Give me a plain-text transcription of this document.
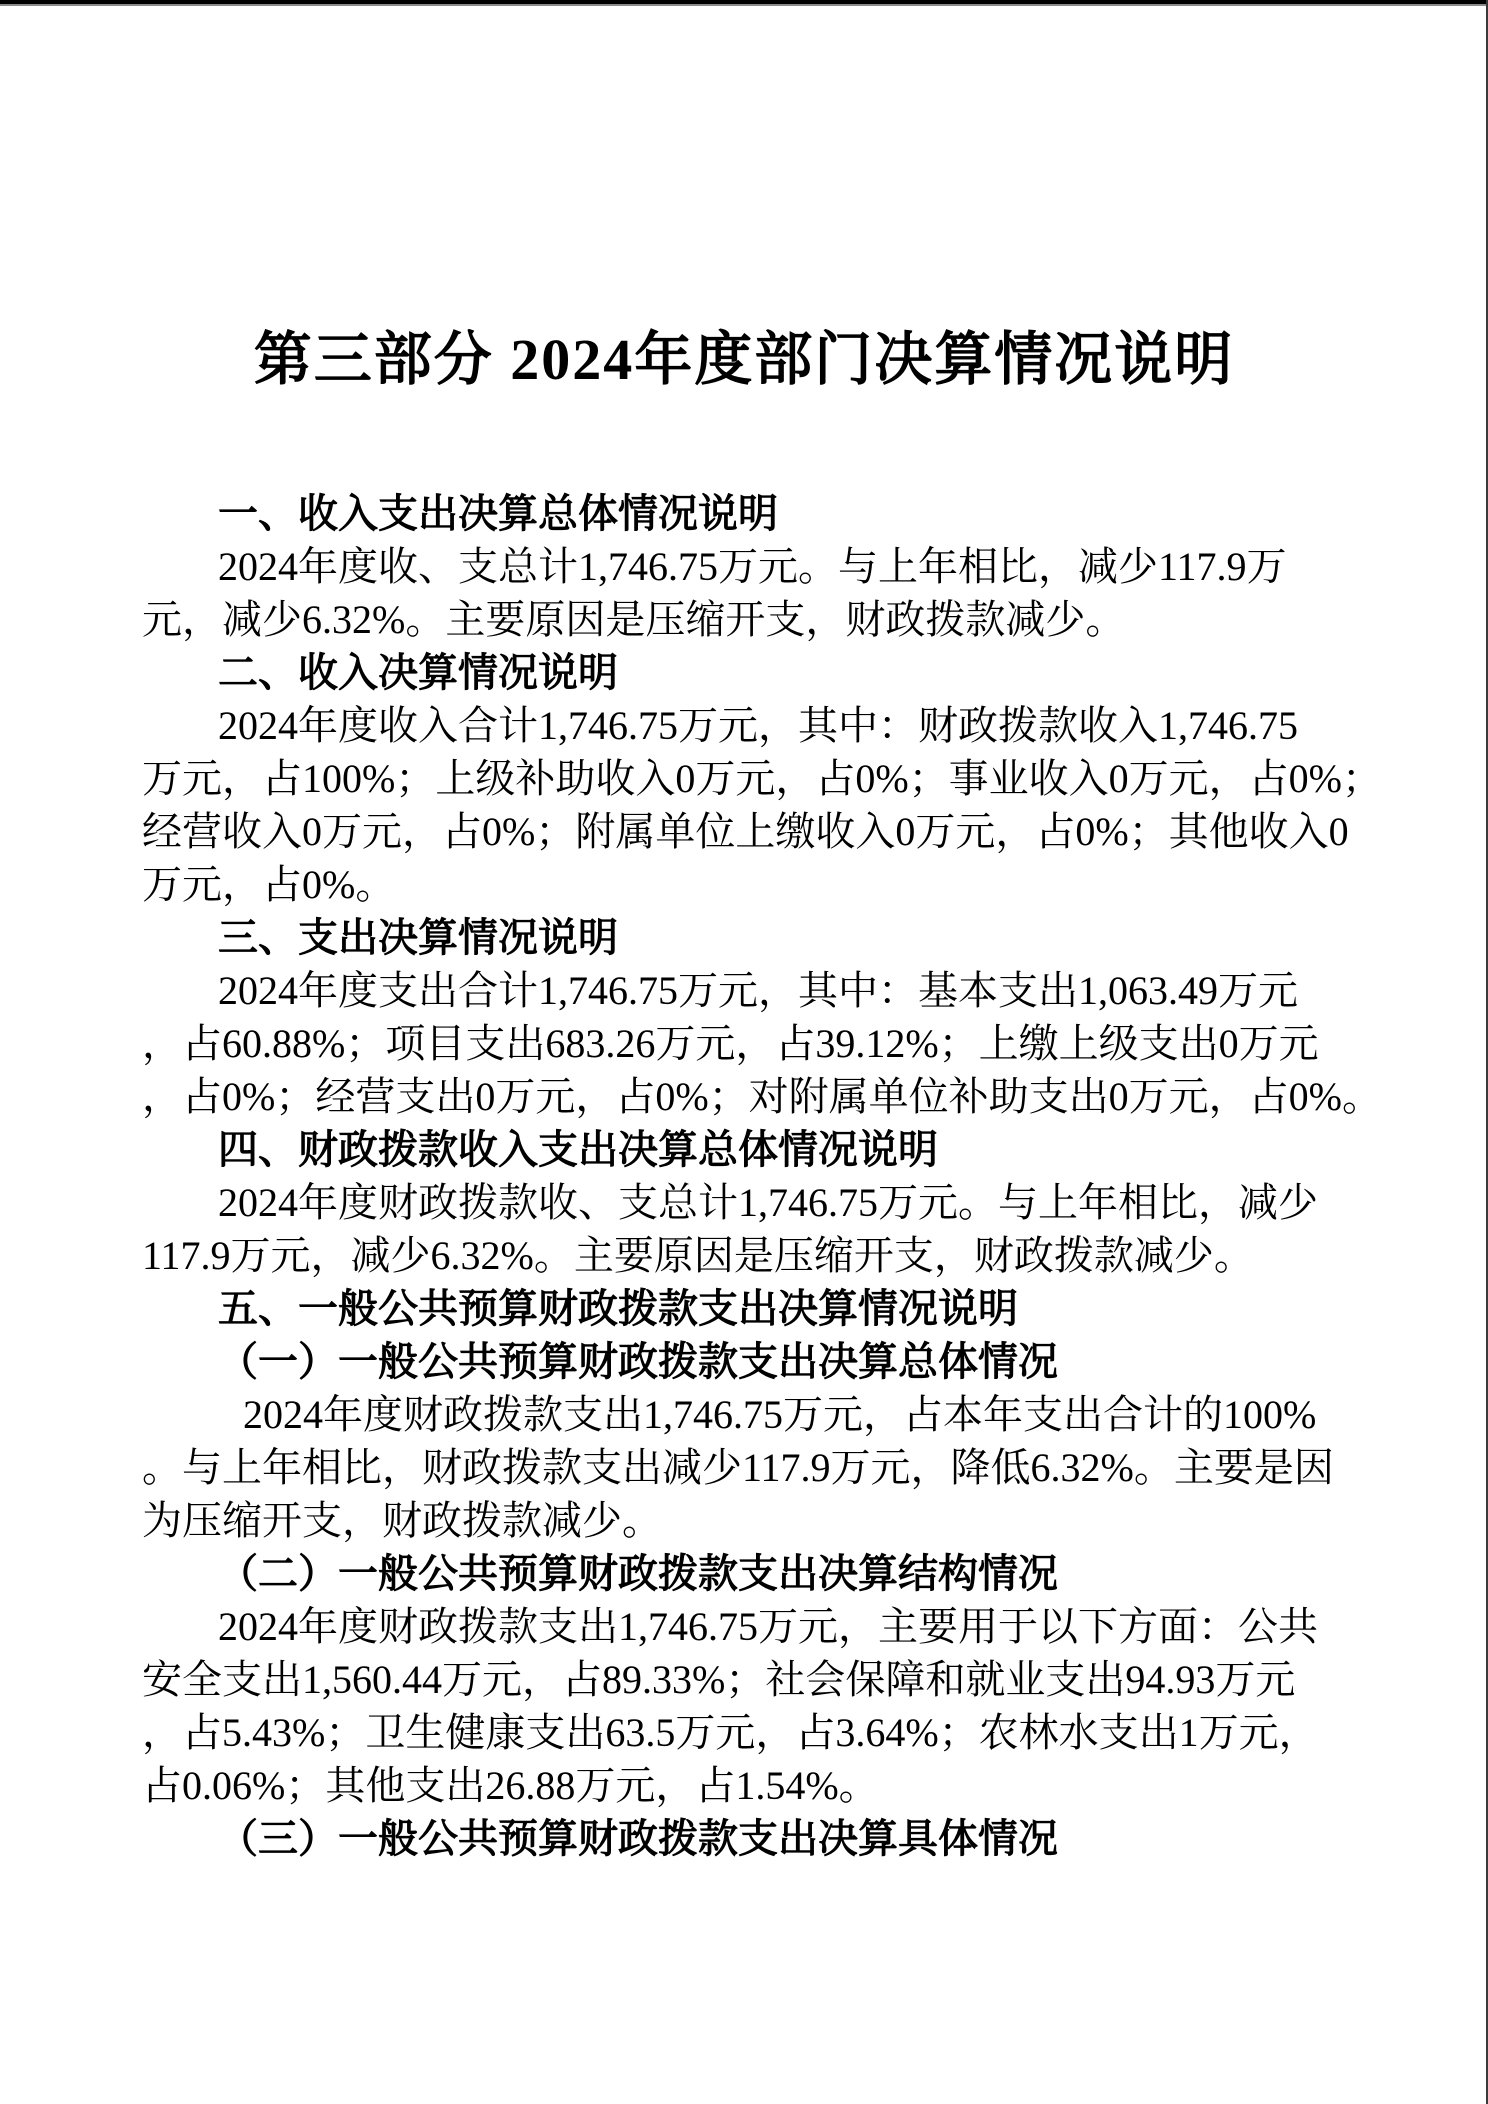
第三部分 2024年度部门决算情况说明
一、收入支出决算总体情况说明
2024年度收、支总计1,746.75万元。与上年相比，减少117.9万
元，减少6.32%。主要原因是压缩开支，财政拨款减少。
二、收入决算情况说明
2024年度收入合计1,746.75万元，其中：财政拨款收入1,746.75
万元，占100%；上级补助收入0万元，占0%；事业收入0万元，占0%；
经营收入0万元，占0%；附属单位上缴收入0万元，占0%；其他收入0
万元，占0%。
三、支出决算情况说明
2024年度支出合计1,746.75万元，其中：基本支出1,063.49万元
，占60.88%；项目支出683.26万元，占39.12%；上缴上级支出0万元
，占0%；经营支出0万元，占0%；对附属单位补助支出0万元，占0%。
四、财政拨款收入支出决算总体情况说明
2024年度财政拨款收、支总计1,746.75万元。与上年相比，减少
117.9万元，减少6.32%。主要原因是压缩开支，财政拨款减少。
五、一般公共预算财政拨款支出决算情况说明
（一）一般公共预算财政拨款支出决算总体情况
2024年度财政拨款支出1,746.75万元，占本年支出合计的100%
。与上年相比，财政拨款支出减少117.9万元，降低6.32%。主要是因
为压缩开支，财政拨款减少。
（二）一般公共预算财政拨款支出决算结构情况
2024年度财政拨款支出1,746.75万元，主要用于以下方面：公共
安全支出1,560.44万元，占89.33%；社会保障和就业支出94.93万元
，占5.43%；卫生健康支出63.5万元，占3.64%；农林水支出1万元，
占0.06%；其他支出26.88万元，占1.54%。
（三）一般公共预算财政拨款支出决算具体情况
